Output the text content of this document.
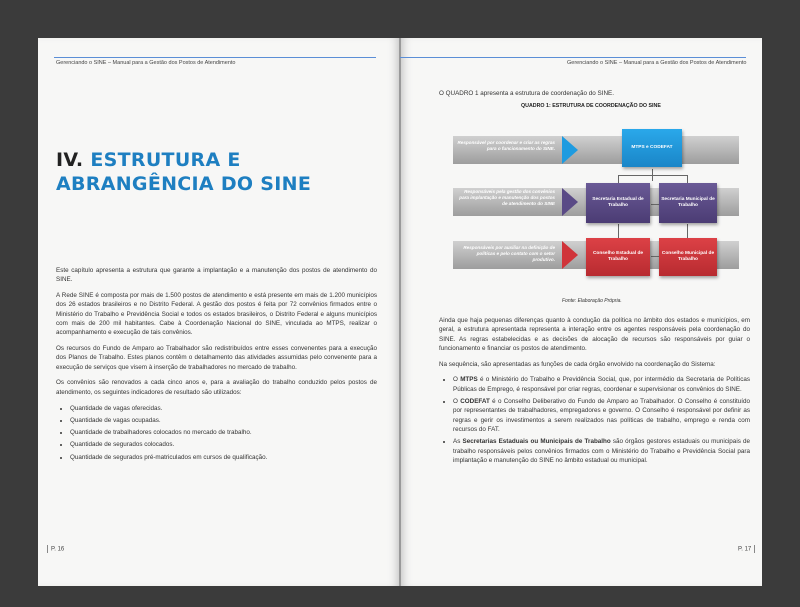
Gerenciando o SINE – Manual para a Gestão dos Postos de Atendimento	Gerenciando o SINE – Manual para a Gestão dos Postos de Atendimento
IV. ESTRUTURA E
ABRANGÊNCIA DO SINE

Este capítulo apresenta a estrutura que garante a implantação e a manutenção dos postos de atendimento do SINE.

A Rede SINE é composta por mais de 1.500 postos de atendimento e está presente em mais de 1.200 municípios dos 26 estados brasileiros e no Distrito Federal. A gestão dos postos é feita por 72 convênios firmados entre o Ministério do Trabalho e Previdência Social e todos os estados brasileiros, o Distrito Federal e alguns municípios com mais de 200 mil habitantes. Cabe à Coordenação Nacional do SINE, vinculada ao MTPS, realizar o acompanhamento e execução de tais convênios.

Os recursos do Fundo de Amparo ao Trabalhador são redistribuídos entre esses convenentes para a execução dos Planos de Trabalho. Estes planos contêm o detalhamento das atividades assumidas pelo convenente para a execução de serviços que visem à inserção de trabalhadores no mercado de trabalho.

Os convênios são renovados a cada cinco anos e, para a avaliação do trabalho conduzido pelos postos de atendimento, os seguintes indicadores de resultado são utilizados:

• Quantidade de vagas oferecidas.
• Quantidade de vagas ocupadas.
• Quantidade de trabalhadores colocados no mercado de trabalho.
• Quantidade de segurados colocados.
• Quantidade de segurados pré-matriculados em cursos de qualificação.
P. 16

O QUADRO 1 apresenta a estrutura de coordenação do SINE.

QUADRO 1: ESTRUTURA DE COORDENAÇÃO DO SINE
Responsável por coordenar e criar as regras para o funcionamento do SINE.
Responsáveis pela gestão dos convênios para implantação e manutenção dos postos de atendimento do SINE
Responsáveis por auxiliar na definição de políticas e pelo contato com o setor produtivo.
MTPS e CODEFAT
Secretaria Estadual de Trabalho
Secretaria Municipal de Trabalho
Conselho Estadual de Trabalho
Conselho Municipal de Trabalho
Fonte: Elaboração Própria.

Ainda que haja pequenas diferenças quanto à condução da política no âmbito dos estados e municípios, em geral, a estrutura apresentada representa a interação entre os agentes responsáveis pela coordenação do SINE. As regras estabelecidas e as decisões de alocação de recursos são responsáveis por guiar o funcionamento e financiar os postos de atendimento.

Na sequência, são apresentadas as funções de cada órgão envolvido na coordenação do Sistema:

• O MTPS é o Ministério do Trabalho e Previdência Social, que, por intermédio da Secretaria de Políticas Públicas de Emprego, é responsável por criar regras, coordenar e supervisionar os convênios do SINE.
• O CODEFAT é o Conselho Deliberativo do Fundo de Amparo ao Trabalhador. O Conselho é constituído por representantes de trabalhadores, empregadores e governo. O Conselho é responsável por definir as regras e gerir os investimentos a serem realizados nas políticas de trabalho, emprego e renda com recursos do FAT.
• As Secretarias Estaduais ou Municipais de Trabalho são órgãos gestores estaduais ou municipais de trabalho responsáveis pelos convênios firmados com o Ministério do Trabalho e Previdência Social para implantação e manutenção do SINE no âmbito estadual ou municipal.
P. 17
